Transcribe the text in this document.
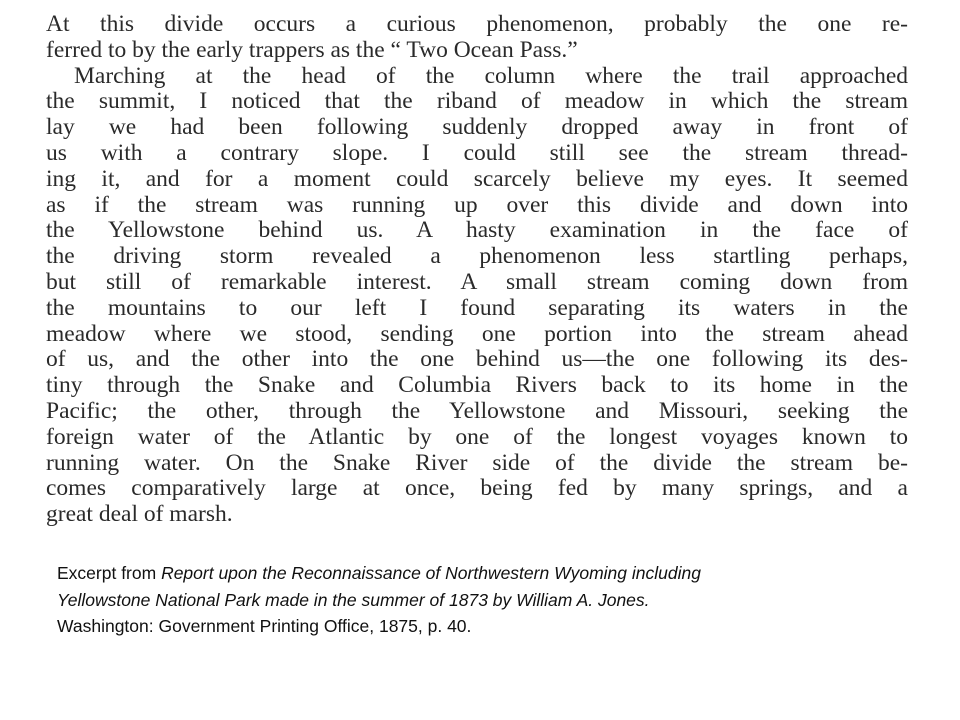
At this divide occurs a curious phenomenon, probably the one re-
ferred to by the early trappers as the “ Two Ocean Pass.”
Marching at the head of the column where the trail approached
the summit, I noticed that the riband of meadow in which the stream
lay we had been following suddenly dropped away in front of
us with a contrary slope. I could still see the stream thread-
ing it, and for a moment could scarcely believe my eyes. It seemed
as if the stream was running up over this divide and down into
the Yellowstone behind us. A hasty examination in the face of
the driving storm revealed a phenomenon less startling perhaps,
but still of remarkable interest. A small stream coming down from
the mountains to our left I found separating its waters in the
meadow where we stood, sending one portion into the stream ahead
of us, and the other into the one behind us—the one following its des-
tiny through the Snake and Columbia Rivers back to its home in the
Pacific; the other, through the Yellowstone and Missouri, seeking the
foreign water of the Atlantic by one of the longest voyages known to
running water. On the Snake River side of the divide the stream be-
comes comparatively large at once, being fed by many springs, and a
great deal of marsh.
Excerpt from Report upon the Reconnaissance of Northwestern Wyoming including
Yellowstone National Park made in the summer of 1873 by William A. Jones.
Washington: Government Printing Office, 1875, p. 40.
